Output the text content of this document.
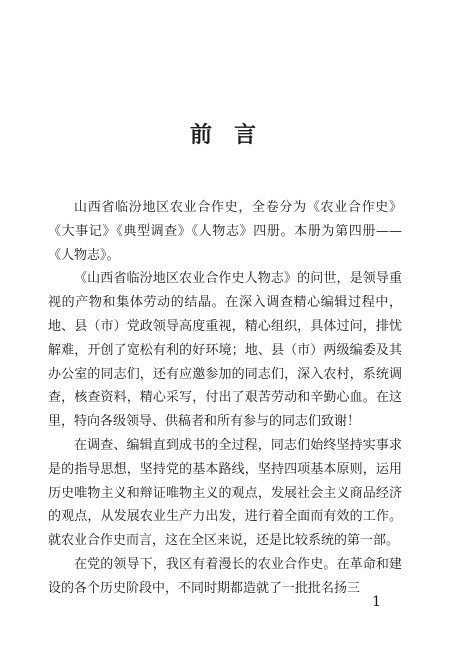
前言

山西省临汾地区农业合作史，全卷分为《农业合作史》《大事记》《典型调查》《人物志》四册。本册为第四册——《人物志》。

《山西省临汾地区农业合作史人物志》的问世，是领导重视的产物和集体劳动的结晶。在深入调查精心编辑过程中，地、县（市）党政领导高度重视，精心组织，具体过问，排忧解难，开创了宽松有利的好环境；地、县（市）两级编委及其办公室的同志们，还有应邀参加的同志们，深入农村，系统调查，核查资料，精心采写，付出了艰苦劳动和辛勤心血。在这里，特向各级领导、供稿者和所有参与的同志们致谢！

在调查、编辑直到成书的全过程，同志们始终坚持实事求是的指导思想，坚持党的基本路线，坚持四项基本原则，运用历史唯物主义和辩证唯物主义的观点，发展社会主义商品经济的观点，从发展农业生产力出发，进行着全面而有效的工作。就农业合作史而言，这在全区来说，还是比较系统的第一部。

在党的领导下，我区有着漫长的农业合作史。在革命和建设的各个历史阶段中，不同时期都造就了一批批名扬三

1
